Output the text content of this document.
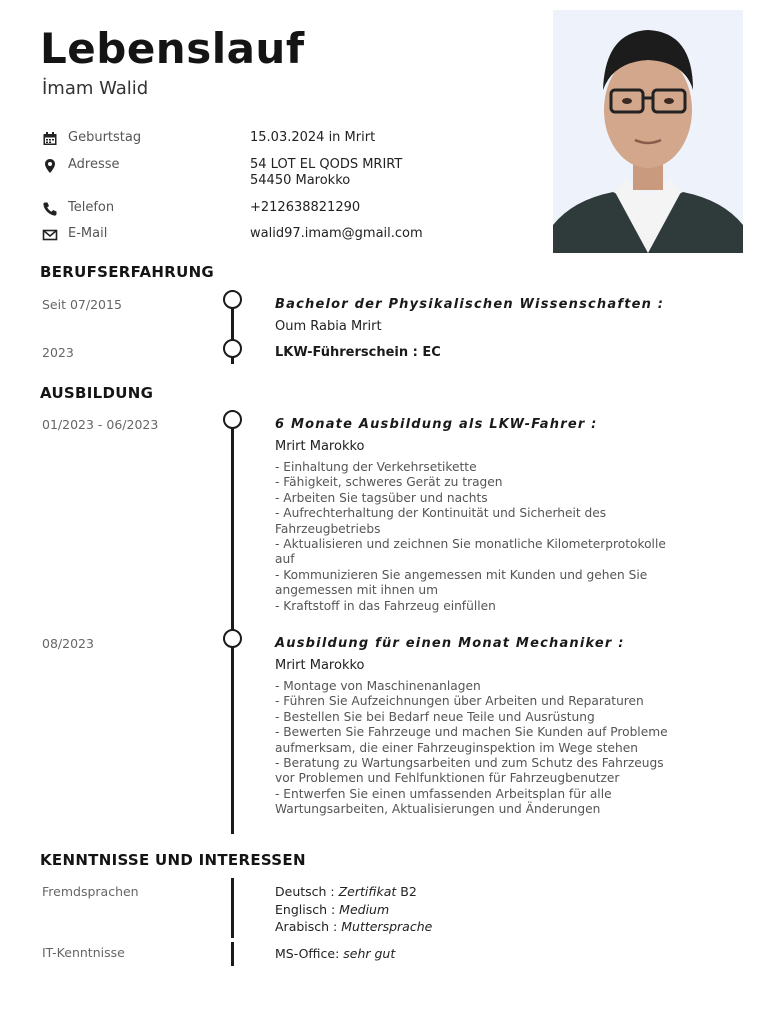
Lebenslauf
İmam Walid
Geburtstag	15.03.2024 in Mrirt
Adresse	54 LOT EL QODS MRIRT
54450 Marokko
Telefon	+212638821290
E-Mail	walid97.imam@gmail.com
BERUFSERFAHRUNG
Seit 07/2015	Bachelor der Physikalischen Wissenschaften :
Oum Rabia Mrirt
2023	LKW-Führerschein : EC
AUSBILDUNG
01/2023 - 06/2023	6 Monate Ausbildung als LKW-Fahrer :
Mrirt Marokko
- Einhaltung der Verkehrsetikette
- Fähigkeit, schweres Gerät zu tragen
- Arbeiten Sie tagsüber und nachts
- Aufrechterhaltung der Kontinuität und Sicherheit des Fahrzeugbetriebs
- Aktualisieren und zeichnen Sie monatliche Kilometerprotokolle auf
- Kommunizieren Sie angemessen mit Kunden und gehen Sie angemessen mit ihnen um
- Kraftstoff in das Fahrzeug einfüllen
08/2023	Ausbildung für einen Monat Mechaniker :
Mrirt Marokko
- Montage von Maschinenanlagen
- Führen Sie Aufzeichnungen über Arbeiten und Reparaturen
- Bestellen Sie bei Bedarf neue Teile und Ausrüstung
- Bewerten Sie Fahrzeuge und machen Sie Kunden auf Probleme aufmerksam, die einer Fahrzeuginspektion im Wege stehen
- Beratung zu Wartungsarbeiten und zum Schutz des Fahrzeugs vor Problemen und Fehlfunktionen für Fahrzeugbenutzer
- Entwerfen Sie einen umfassenden Arbeitsplan für alle Wartungsarbeiten, Aktualisierungen und Änderungen
KENNTNISSE UND INTERESSEN
Fremdsprachen	Deutsch : Zertifikat B2
Englisch : Medium
Arabisch : Muttersprache
IT-Kenntnisse	MS-Office: sehr gut
